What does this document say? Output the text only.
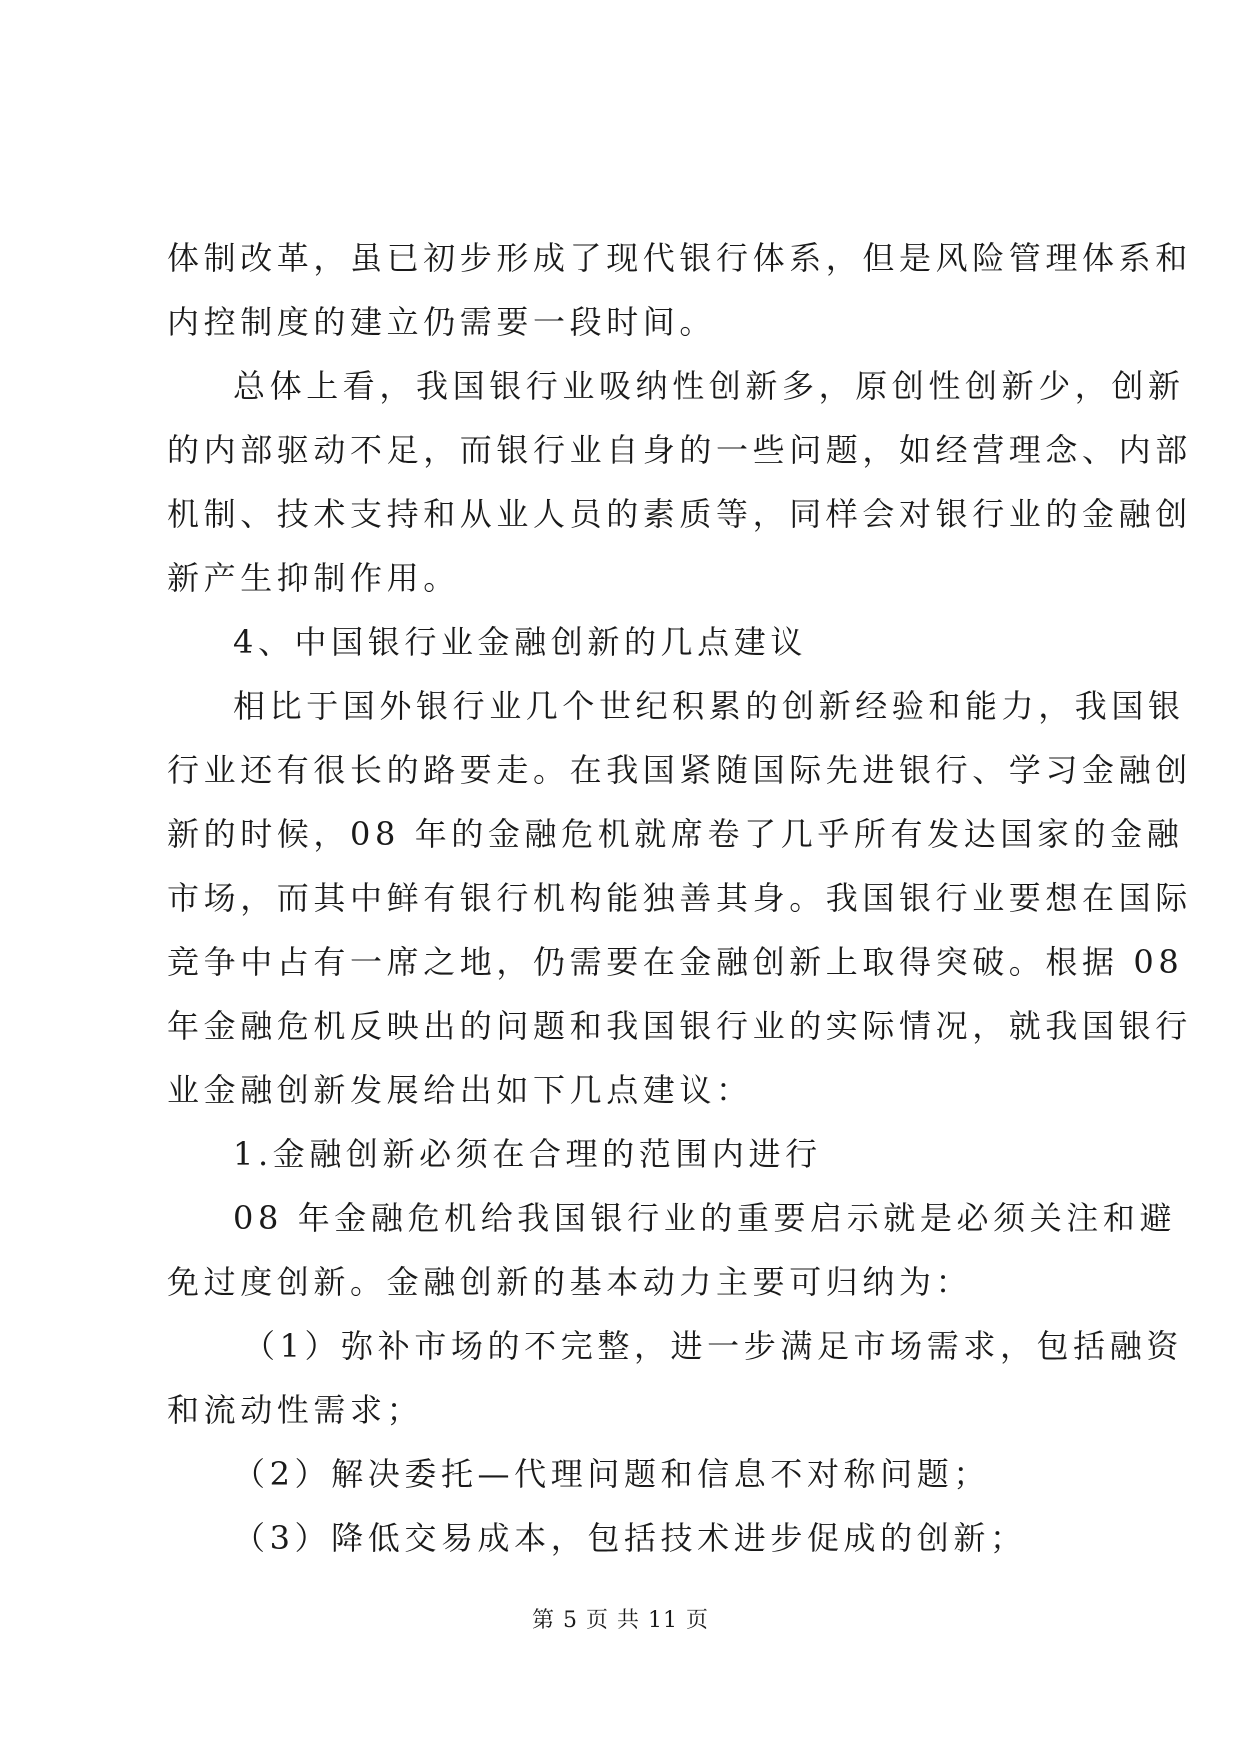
体制改革，虽已初步形成了现代银行体系，但是风险管理体系和
内控制度的建立仍需要一段时间。
总体上看，我国银行业吸纳性创新多，原创性创新少，创新
的内部驱动不足，而银行业自身的一些问题，如经营理念、内部
机制、技术支持和从业人员的素质等，同样会对银行业的金融创
新产生抑制作用。
4、中国银行业金融创新的几点建议
相比于国外银行业几个世纪积累的创新经验和能力，我国银
行业还有很长的路要走。在我国紧随国际先进银行、学习金融创
新的时候，08 年的金融危机就席卷了几乎所有发达国家的金融
市场，而其中鲜有银行机构能独善其身。我国银行业要想在国际
竞争中占有一席之地，仍需要在金融创新上取得突破。根据 08
年金融危机反映出的问题和我国银行业的实际情况，就我国银行
业金融创新发展给出如下几点建议：
1.金融创新必须在合理的范围内进行
08 年金融危机给我国银行业的重要启示就是必须关注和避
免过度创新。金融创新的基本动力主要可归纳为：
（1）弥补市场的不完整，进一步满足市场需求，包括融资
和流动性需求；
（2）解决委托—代理问题和信息不对称问题；
（3）降低交易成本，包括技术进步促成的创新；
第 5 页 共 11 页
